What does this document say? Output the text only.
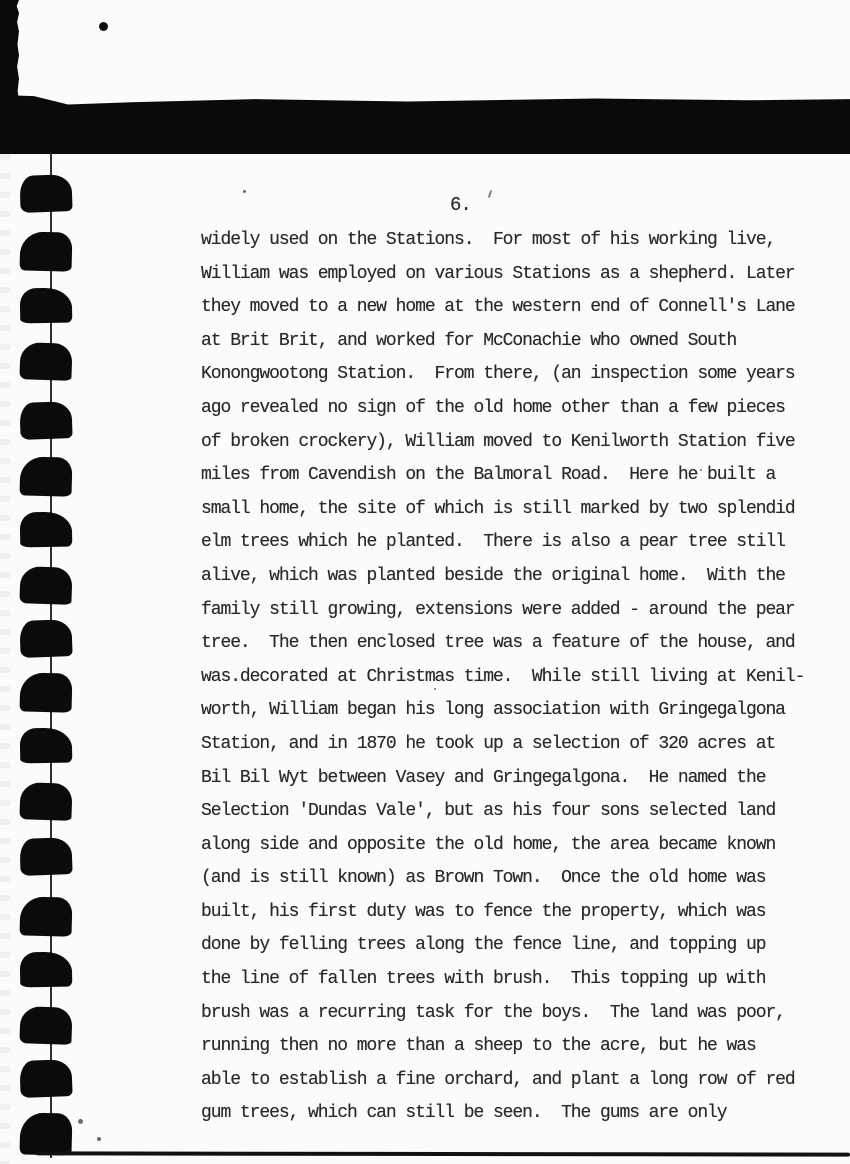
6.
widely used on the Stations.  For most of his working live,
William was employed on various Stations as a shepherd. Later
they moved to a new home at the western end of Connell's Lane
at Brit Brit, and worked for McConachie who owned South
Konongwootong Station.  From there, (an inspection some years
ago revealed no sign of the old home other than a few pieces
of broken crockery), William moved to Kenilworth Station five
miles from Cavendish on the Balmoral Road.  Here he built a
small home, the site of which is still marked by two splendid
elm trees which he planted.  There is also a pear tree still
alive, which was planted beside the original home.  With the
family still growing, extensions were added - around the pear
tree.  The then enclosed tree was a feature of the house, and
was.decorated at Christmas time.  While still living at Kenil-
worth, William began his long association with Gringegalgona
Station, and in 1870 he took up a selection of 320 acres at
Bil Bil Wyt between Vasey and Gringegalgona.  He named the
Selection 'Dundas Vale', but as his four sons selected land
along side and opposite the old home, the area became known
(and is still known) as Brown Town.  Once the old home was
built, his first duty was to fence the property, which was
done by felling trees along the fence line, and topping up
the line of fallen trees with brush.  This topping up with
brush was a recurring task for the boys.  The land was poor,
running then no more than a sheep to the acre, but he was
able to establish a fine orchard, and plant a long row of red
gum trees, which can still be seen.  The gums are only
